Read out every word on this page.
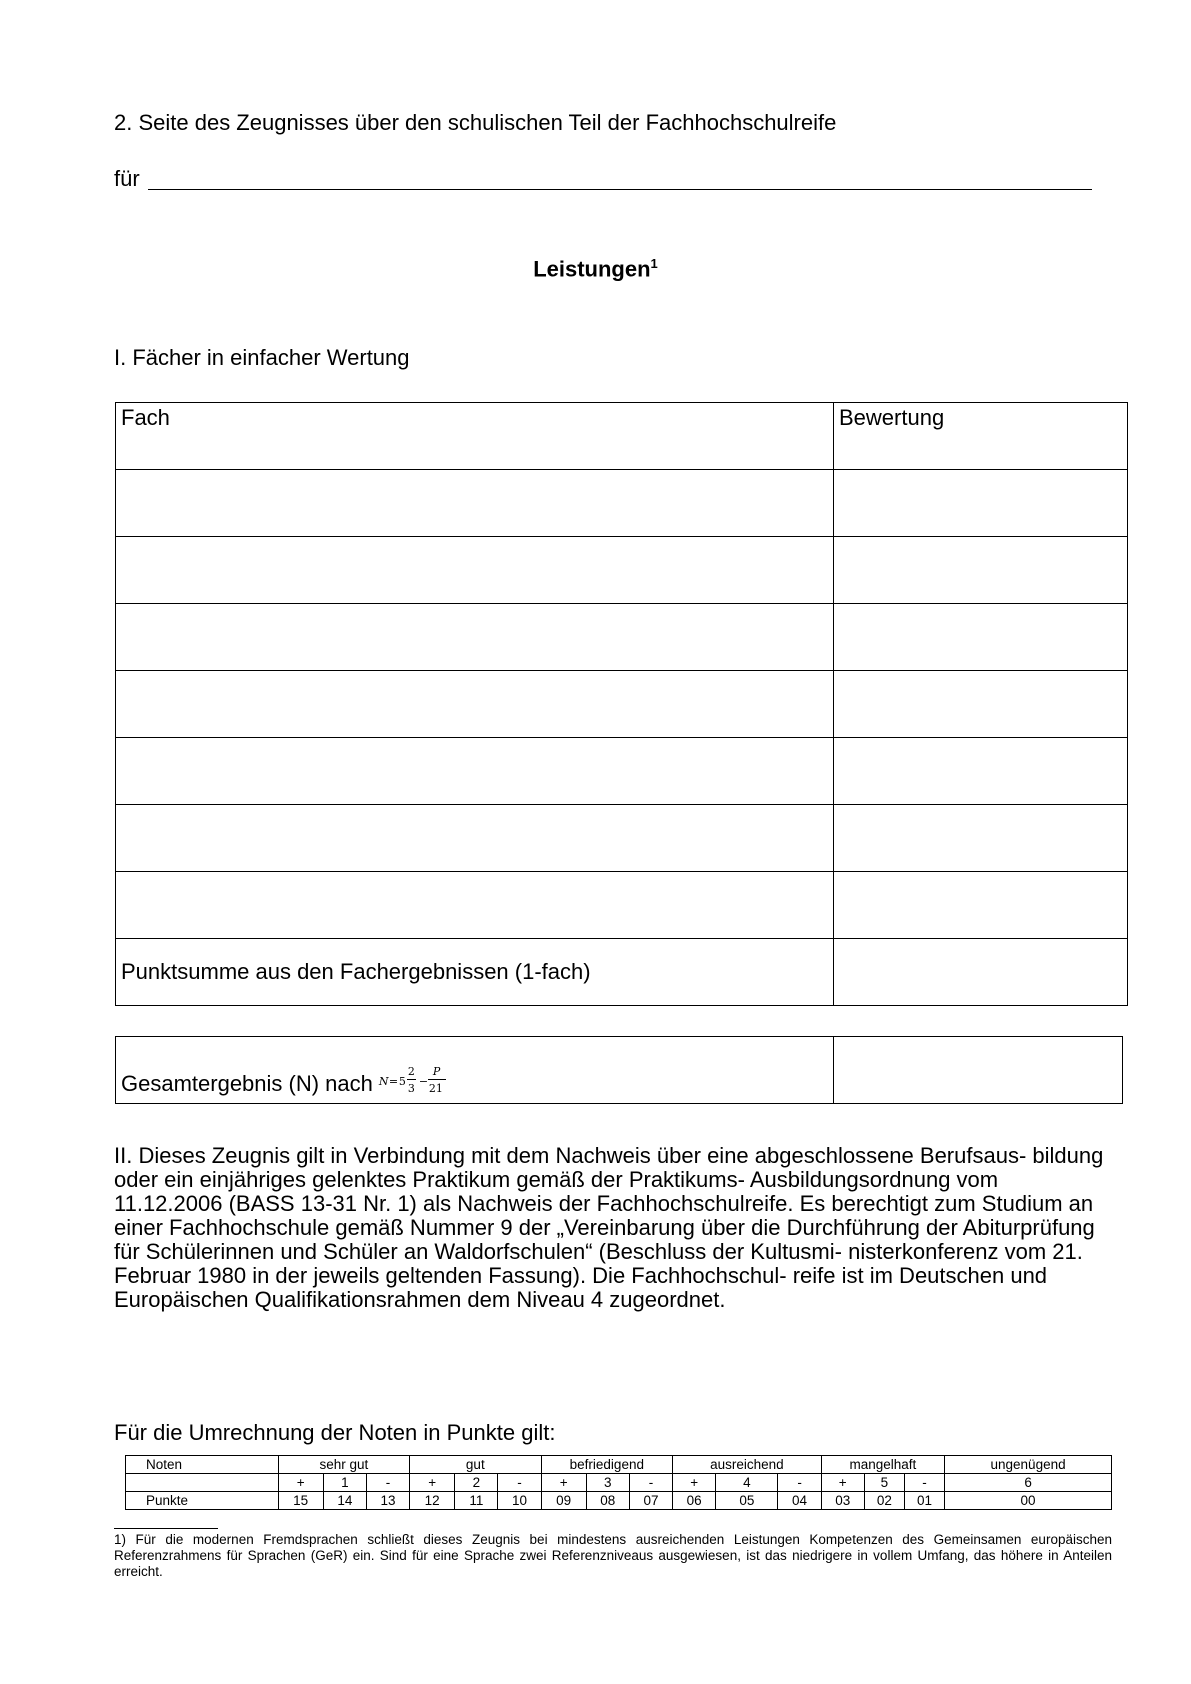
2. Seite des Zeugnisses über den schulischen Teil der Fachhochschulreife
für
Leistungen$^1$
I. Fächer in einfacher Wertung
Fach	Bewertung

Punktsumme aus den Fachergebnissen (1-fach)	
Gesamtergebnis (N) nach N = 5
2
3
−
P
21

II. Dieses Zeugnis gilt in Verbindung mit dem Nachweis über eine abgeschlossene Berufsaus- bildung oder ein einjähriges gelenktes Praktikum gemäß der Praktikums- Ausbildungsordnung vom 11.12.2006 (BASS 13-31 Nr. 1) als Nachweis der Fachhochschulreife. Es berechtigt zum Studium an einer Fachhochschule gemäß Nummer 9 der „Vereinbarung über die Durchführung der Abiturprüfung für Schülerinnen und Schüler an Waldorfschulen“ (Beschluss der Kultusmi- nisterkonferenz vom 21. Februar 1980 in der jeweils geltenden Fassung). Die Fachhochschul- reife ist im Deutschen und Europäischen Qualifikationsrahmen dem Niveau 4 zugeordnet.
Für die Umrechnung der Noten in Punkte gilt:
Noten	sehr gut			gut			befriedigend			ausreichend			mangelhaft			ungenügend
	+	1	-	+	2	-	+	3	-	+	4	-	+	5	-	6
Punkte	15	14	13	12	11	10	09	08	07	06	05	04	03	02	01	00
1) Für die modernen Fremdsprachen schließt dieses Zeugnis bei mindestens ausreichenden Leistungen Kompetenzen des Gemeinsamen europäischen Referenzrahmens für Sprachen (GeR) ein. Sind für eine Sprache zwei Referenzniveaus ausgewiesen, ist das niedrigere in vollem Umfang, das höhere in Anteilen erreicht.
